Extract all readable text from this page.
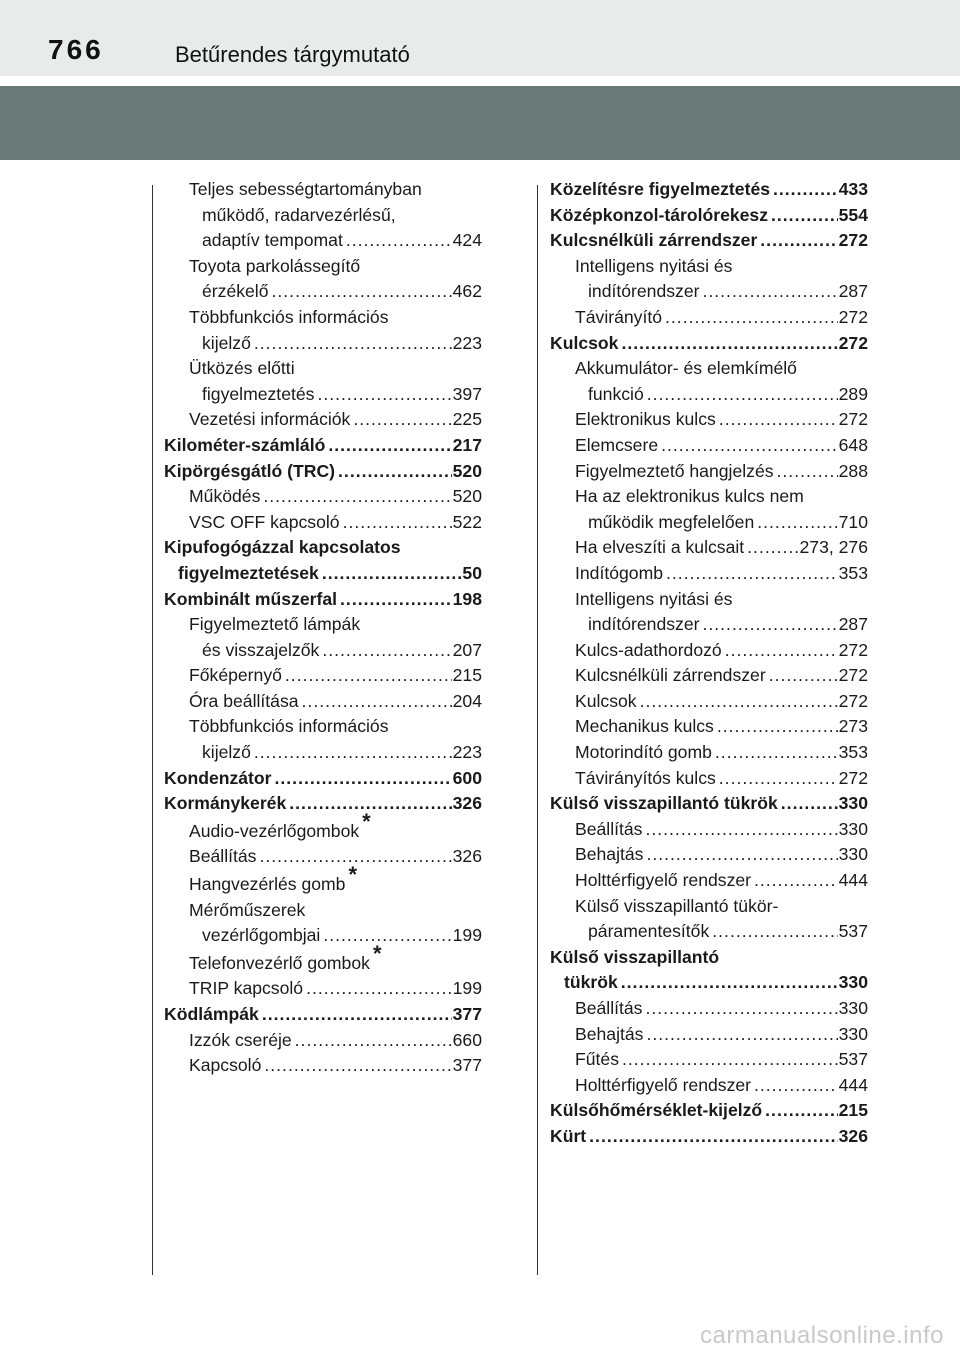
766	Betűrendes tárgymutató
Teljes sebességtartományban
működő, radarvezérlésű,
adaptív tempomat .....	424
Toyota parkolássegítő
érzékelő .....	462
Többfunkciós információs
kijelző .....	223
Ütközés előtti
figyelmeztetés .....	397
Vezetési információk .....	225
Kilométer-számláló .....	217
Kipörgésgátló (TRC) .....	520
Működés .....	520
VSC OFF kapcsoló .....	522
Kipufogógázzal kapcsolatos
figyelmeztetések .....	50
Kombinált műszerfal .....	198
Figyelmeztető lámpák
és visszajelzők .....	207
Főképernyő .....	215
Óra beállítása .....	204
Többfunkciós információs
kijelző .....	223
Kondenzátor .....	600
Kormánykerék .....	326
Audio-vezérlőgombok *
Beállítás .....	326
Hangvezérlés gomb *
Mérőműszerek
vezérlőgombjai .....	199
Telefonvezérlő gombok *
TRIP kapcsoló .....	199
Ködlámpák .....	377
Izzók cseréje .....	660
Kapcsoló .....	377
Közelítésre figyelmeztetés .....	433
Középkonzol-tárolórekesz .....	554
Kulcsnélküli zárrendszer .....	272
Intelligens nyitási és
indítórendszer .....	287
Távirányító .....	272
Kulcsok .....	272
Akkumulátor- és elemkímélő
funkció .....	289
Elektronikus kulcs .....	272
Elemcsere .....	648
Figyelmeztető hangjelzés .....	288
Ha az elektronikus kulcs nem
működik megfelelően .....	710
Ha elveszíti a kulcsait .....	273, 276
Indítógomb .....	353
Intelligens nyitási és
indítórendszer .....	287
Kulcs-adathordozó .....	272
Kulcsnélküli zárrendszer .....	272
Kulcsok .....	272
Mechanikus kulcs .....	273
Motorindító gomb .....	353
Távirányítós kulcs .....	272
Külső visszapillantó tükrök .....	330
Beállítás .....	330
Behajtás .....	330
Holttérfigyelő rendszer .....	444
Külső visszapillantó tükör-
páramentesítők .....	537
Külső visszapillantó
tükrök .....	330
Beállítás .....	330
Behajtás .....	330
Fűtés .....	537
Holttérfigyelő rendszer .....	444
Külsőhőmérséklet-kijelző .....	215
Kürt .....	326
carmanualsonline.info
